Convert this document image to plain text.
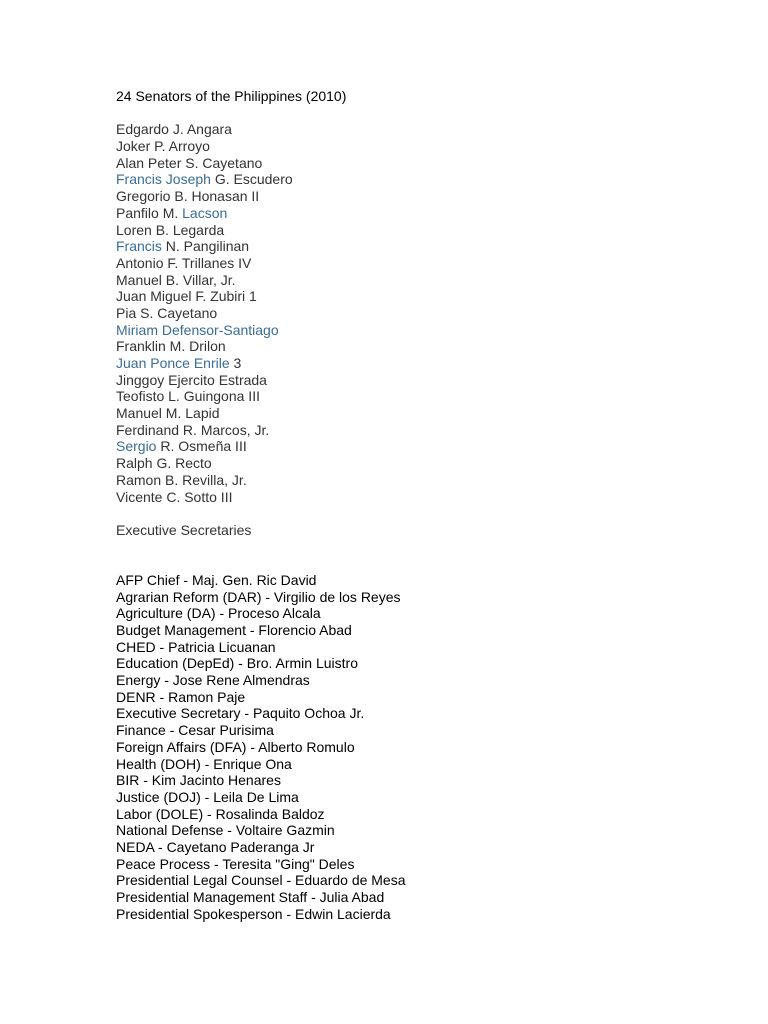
24 Senators of the Philippines (2010)

Edgardo J. Angara

Joker P. Arroyo

Alan Peter S. Cayetano

Francis Joseph G. Escudero

Gregorio B. Honasan II

Panfilo M. Lacson

Loren B. Legarda

Francis N. Pangilinan

Antonio F. Trillanes IV

Manuel B. Villar, Jr.

Juan Miguel F. Zubiri 1

Pia S. Cayetano

Miriam Defensor-Santiago

Franklin M. Drilon

Juan Ponce Enrile 3

Jinggoy Ejercito Estrada

Teofisto L. Guingona III

Manuel M. Lapid

Ferdinand R. Marcos, Jr.

Sergio R. Osmeña III

Ralph G. Recto

Ramon B. Revilla, Jr.

Vicente C. Sotto III

Executive Secretaries

AFP Chief - Maj. Gen. Ric David

Agrarian Reform (DAR) - Virgilio de los Reyes

Agriculture (DA) - Proceso Alcala

Budget Management - Florencio Abad

CHED - Patricia Licuanan

Education (DepEd) - Bro. Armin Luistro

Energy - Jose Rene Almendras

DENR - Ramon Paje

Executive Secretary - Paquito Ochoa Jr.

Finance - Cesar Purisima

Foreign Affairs (DFA) - Alberto Romulo

Health (DOH) - Enrique Ona

BIR - Kim Jacinto Henares

Justice (DOJ) - Leila De Lima

Labor (DOLE) - Rosalinda Baldoz

National Defense - Voltaire Gazmin

NEDA - Cayetano Paderanga Jr

Peace Process - Teresita "Ging" Deles

Presidential Legal Counsel - Eduardo de Mesa

Presidential Management Staff - Julia Abad

Presidential Spokesperson - Edwin Lacierda
